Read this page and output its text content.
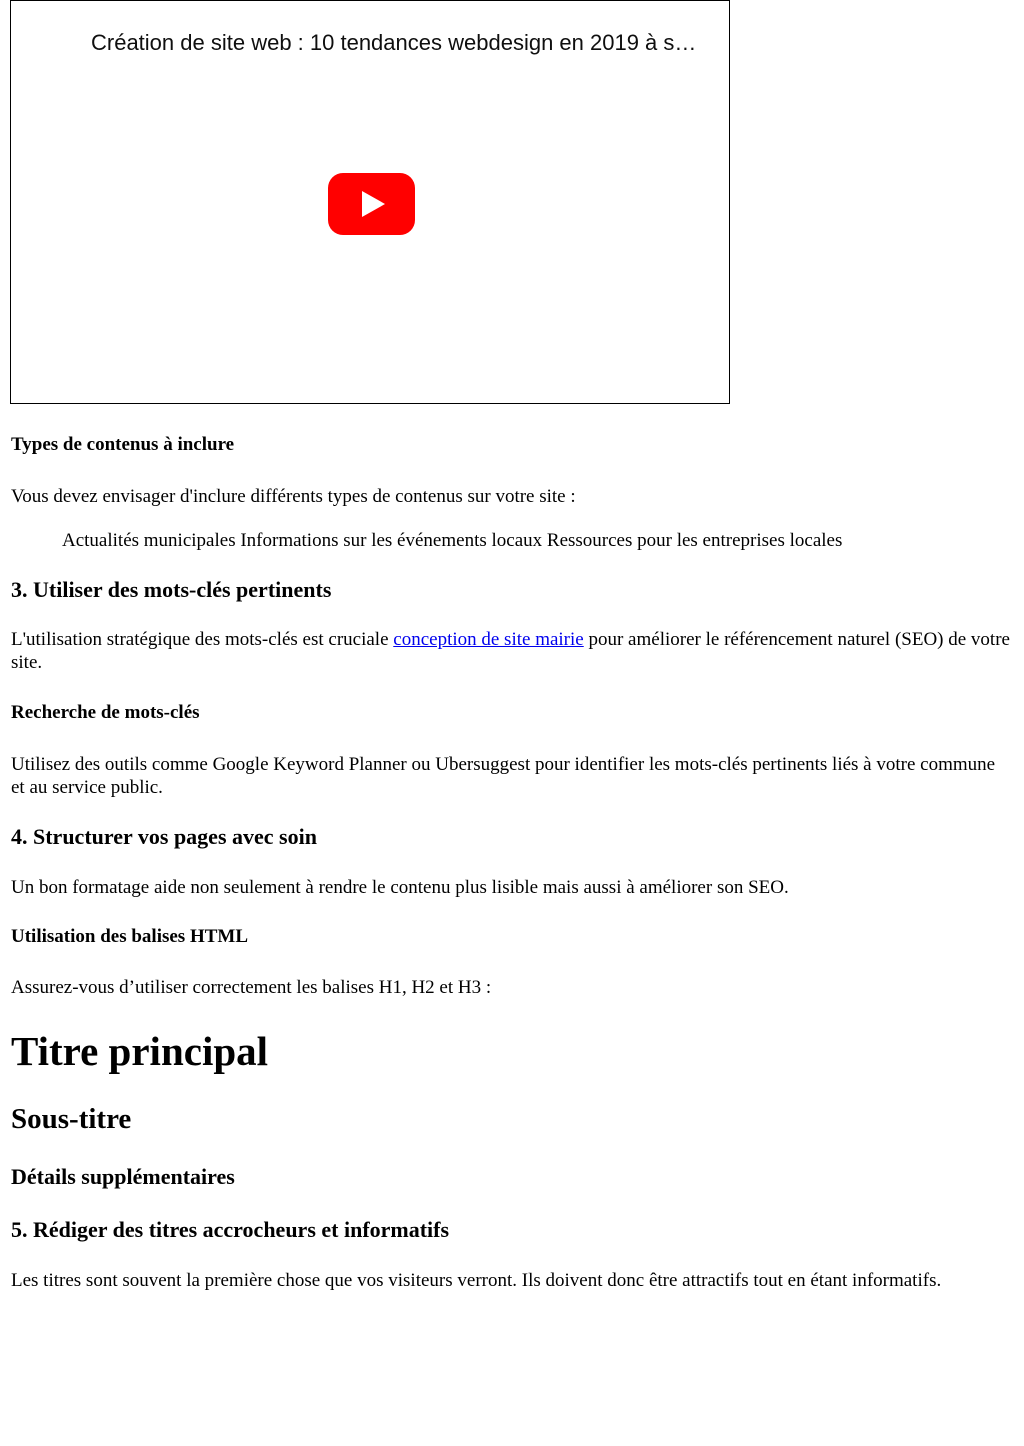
Création de site web : 10 tendances webdesign en 2019 à s…
Types de contenus à inclure

Vous devez envisager d'inclure différents types de contenus sur votre site :

Actualités municipales Informations sur les événements locaux Ressources pour les entreprises locales

3. Utiliser des mots-clés pertinents

L'utilisation stratégique des mots-clés est cruciale conception de site mairie pour améliorer le référencement naturel (SEO) de votre site.

Recherche de mots-clés

Utilisez des outils comme Google Keyword Planner ou Ubersuggest pour identifier les mots-clés pertinents liés à votre commune et au service public.

4. Structurer vos pages avec soin

Un bon formatage aide non seulement à rendre le contenu plus lisible mais aussi à améliorer son SEO.

Utilisation des balises HTML

Assurez-vous d’utiliser correctement les balises H1, H2 et H3 :

Titre principal
Sous-titre
Détails supplémentaires
5. Rédiger des titres accrocheurs et informatifs

Les titres sont souvent la première chose que vos visiteurs verront. Ils doivent donc être attractifs tout en étant informatifs.
